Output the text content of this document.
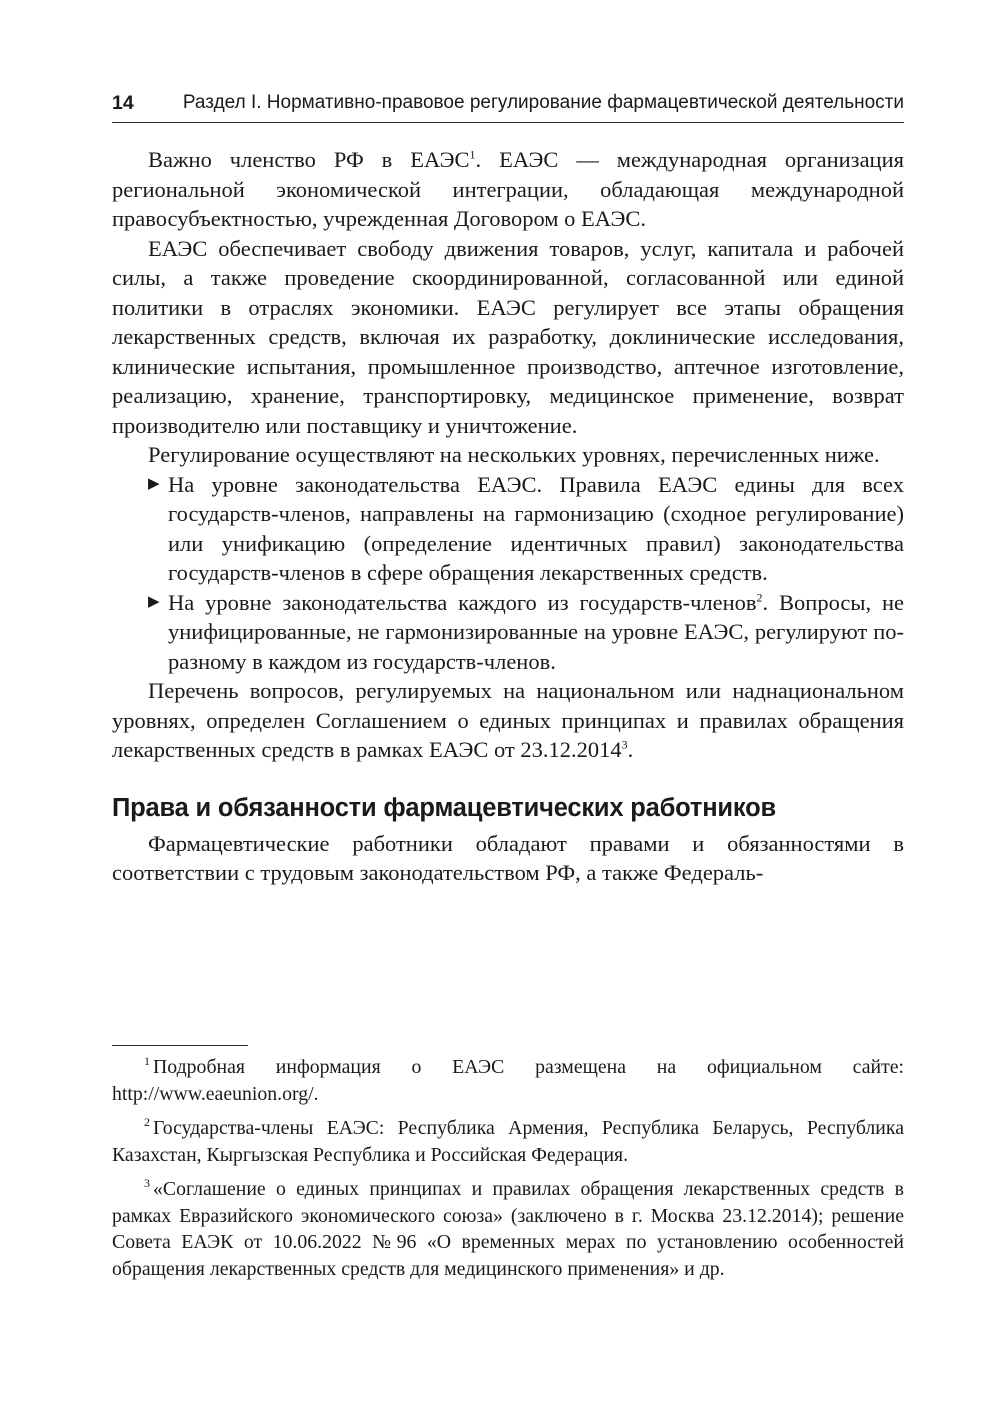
14	Раздел I. Нормативно-правовое регулирование фармацевтической деятельности

Важно членство РФ в ЕАЭС$^1$. ЕАЭС — международная организация региональной экономической интеграции, обладающая международной правосубъектностью, учрежденная Договором о ЕАЭС.

ЕАЭС обеспечивает свободу движения товаров, услуг, капитала и рабочей силы, а также проведение скоординированной, согласованной или единой политики в отраслях экономики. ЕАЭС регулирует все этапы обращения лекарственных средств, включая их разработку, доклинические исследования, клинические испытания, промышленное производство, аптечное изготовление, реализацию, хранение, транспортировку, медицинское применение, возврат производителю или поставщику и уничтожение.

Регулирование осуществляют на нескольких уровнях, перечисленных ниже.

▶ На уровне законодательства ЕАЭС. Правила ЕАЭС едины для всех государств-членов, направлены на гармонизацию (сходное регулирование) или унификацию (определение идентичных правил) законодательства государств-членов в сфере обращения лекарственных средств.
▶ На уровне законодательства каждого из государств-членов$^2$. Вопросы, не унифицированные, не гармонизированные на уровне ЕАЭС, регулируют по-разному в каждом из государств-членов.

Перечень вопросов, регулируемых на национальном или наднациональном уровнях, определен Соглашением о единых принципах и правилах обращения лекарственных средств в рамках ЕАЭС от 23.12.2014$^3$.

Права и обязанности фармацевтических работников

Фармацевтические работники обладают правами и обязанностями в соответствии с трудовым законодательством РФ, а также Федераль-

$^1$ Подробная информация о ЕАЭС размещена на официальном сайте: http://www.eaeunion.org/.

$^2$ Государства-члены ЕАЭС: Республика Армения, Республика Беларусь, Республика Казахстан, Кыргызская Республика и Российская Федерация.

$^3$ «Соглашение о единых принципах и правилах обращения лекарственных средств в рамках Евразийского экономического союза» (заключено в г. Москва 23.12.2014); решение Совета ЕАЭК от 10.06.2022 №96 «О временных мерах по установлению особенностей обращения лекарственных средств для медицинского применения» и др.
